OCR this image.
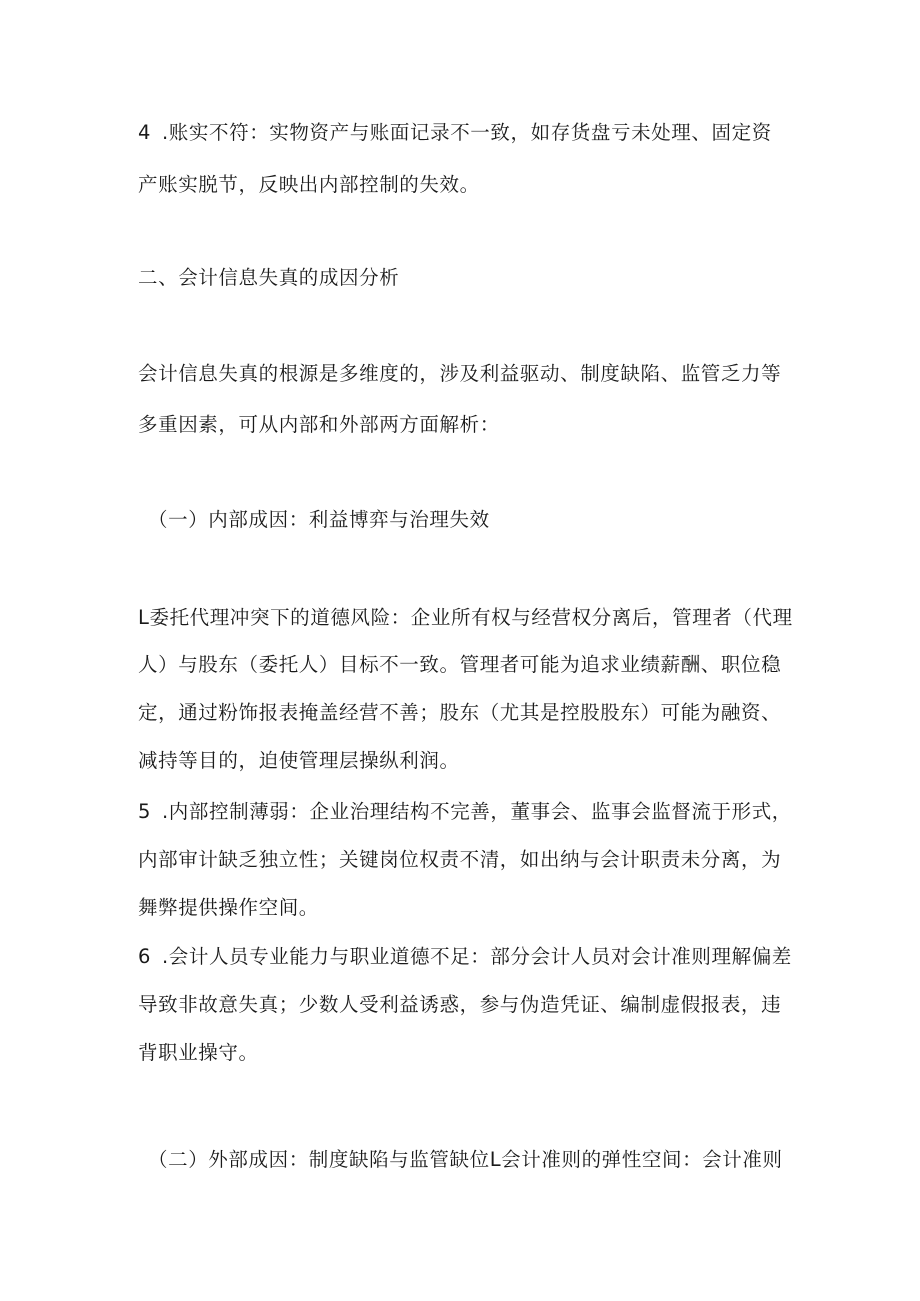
4 .账实不符：实物资产与账面记录不一致，如存货盘亏未处理、固定资
产账实脱节，反映出内部控制的失效。
二、会计信息失真的成因分析
会计信息失真的根源是多维度的，涉及利益驱动、制度缺陷、监管乏力等
多重因素，可从内部和外部两方面解析：
（一）内部成因：利益博弈与治理失效
L委托代理冲突下的道德风险：企业所有权与经营权分离后，管理者（代理
人）与股东（委托人）目标不一致。管理者可能为追求业绩薪酬、职位稳
定，通过粉饰报表掩盖经营不善；股东（尤其是控股股东）可能为融资、
减持等目的，迫使管理层操纵利润。
5 .内部控制薄弱：企业治理结构不完善，董事会、监事会监督流于形式，
内部审计缺乏独立性；关键岗位权责不清，如出纳与会计职责未分离，为
舞弊提供操作空间。
6 .会计人员专业能力与职业道德不足：部分会计人员对会计准则理解偏差
导致非故意失真；少数人受利益诱惑，参与伪造凭证、编制虚假报表，违
背职业操守。
（二）外部成因：制度缺陷与监管缺位L会计准则的弹性空间：会计准则
